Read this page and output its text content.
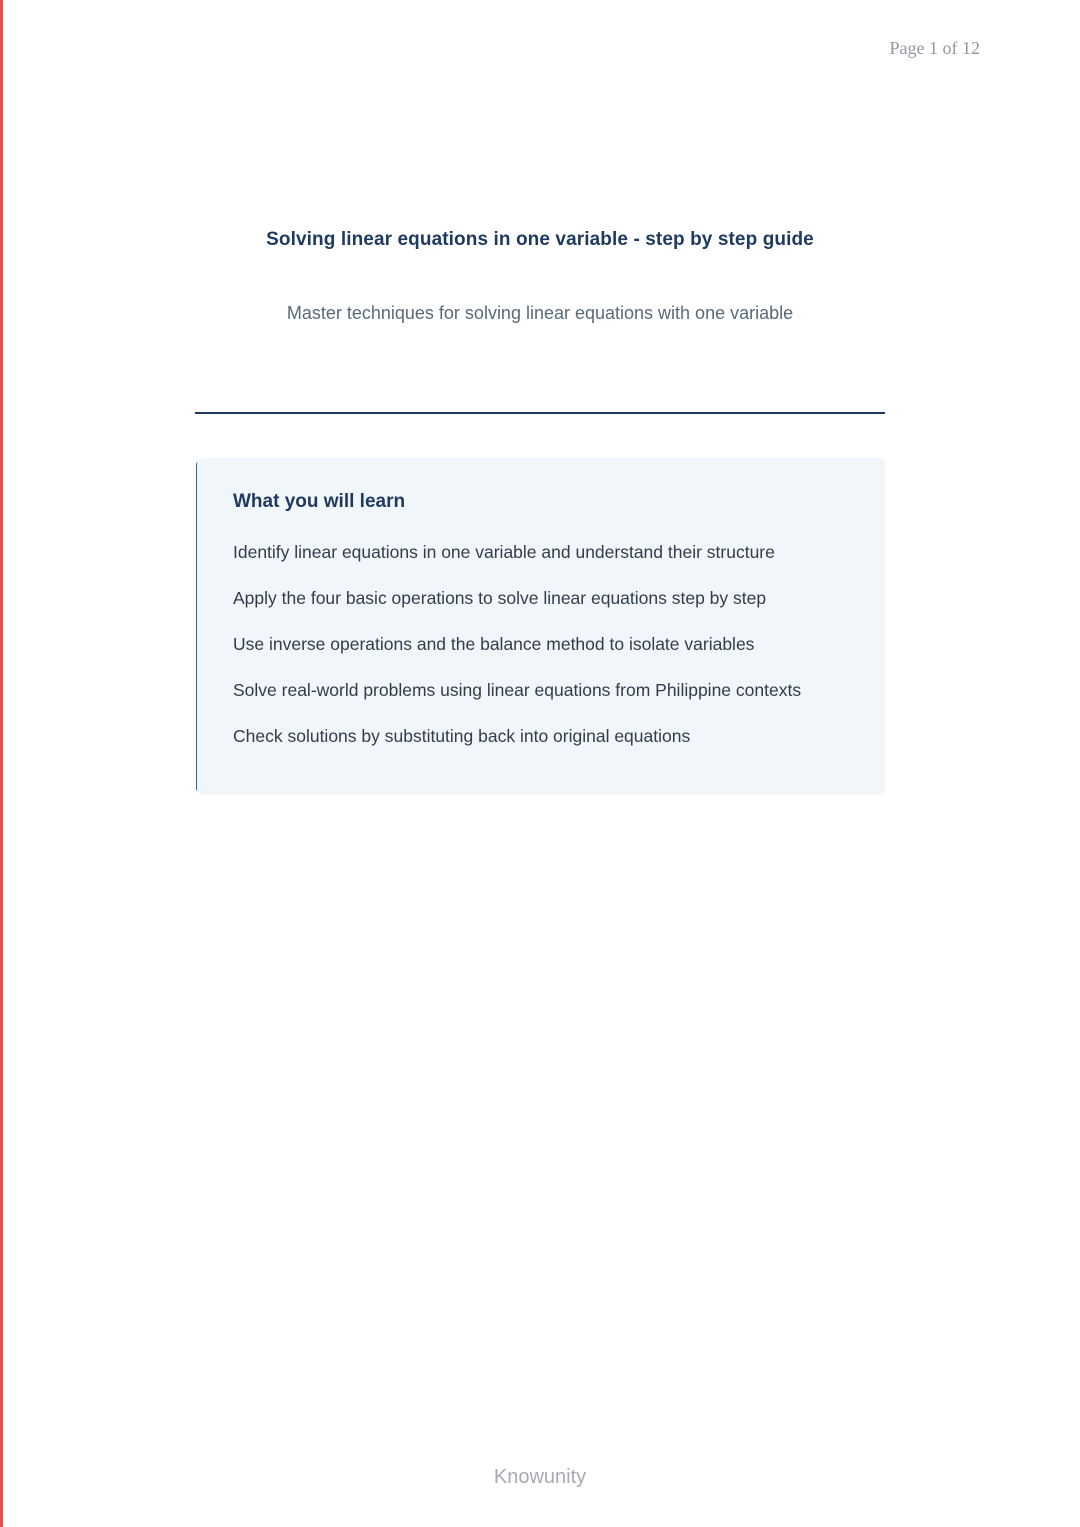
Page 1 of 12
Solving linear equations in one variable - step by step guide

Master techniques for solving linear equations with one variable

What you will learn
Identify linear equations in one variable and understand their structure
Apply the four basic operations to solve linear equations step by step
Use inverse operations and the balance method to isolate variables
Solve real-world problems using linear equations from Philippine contexts
Check solutions by substituting back into original equations
Knowunity
